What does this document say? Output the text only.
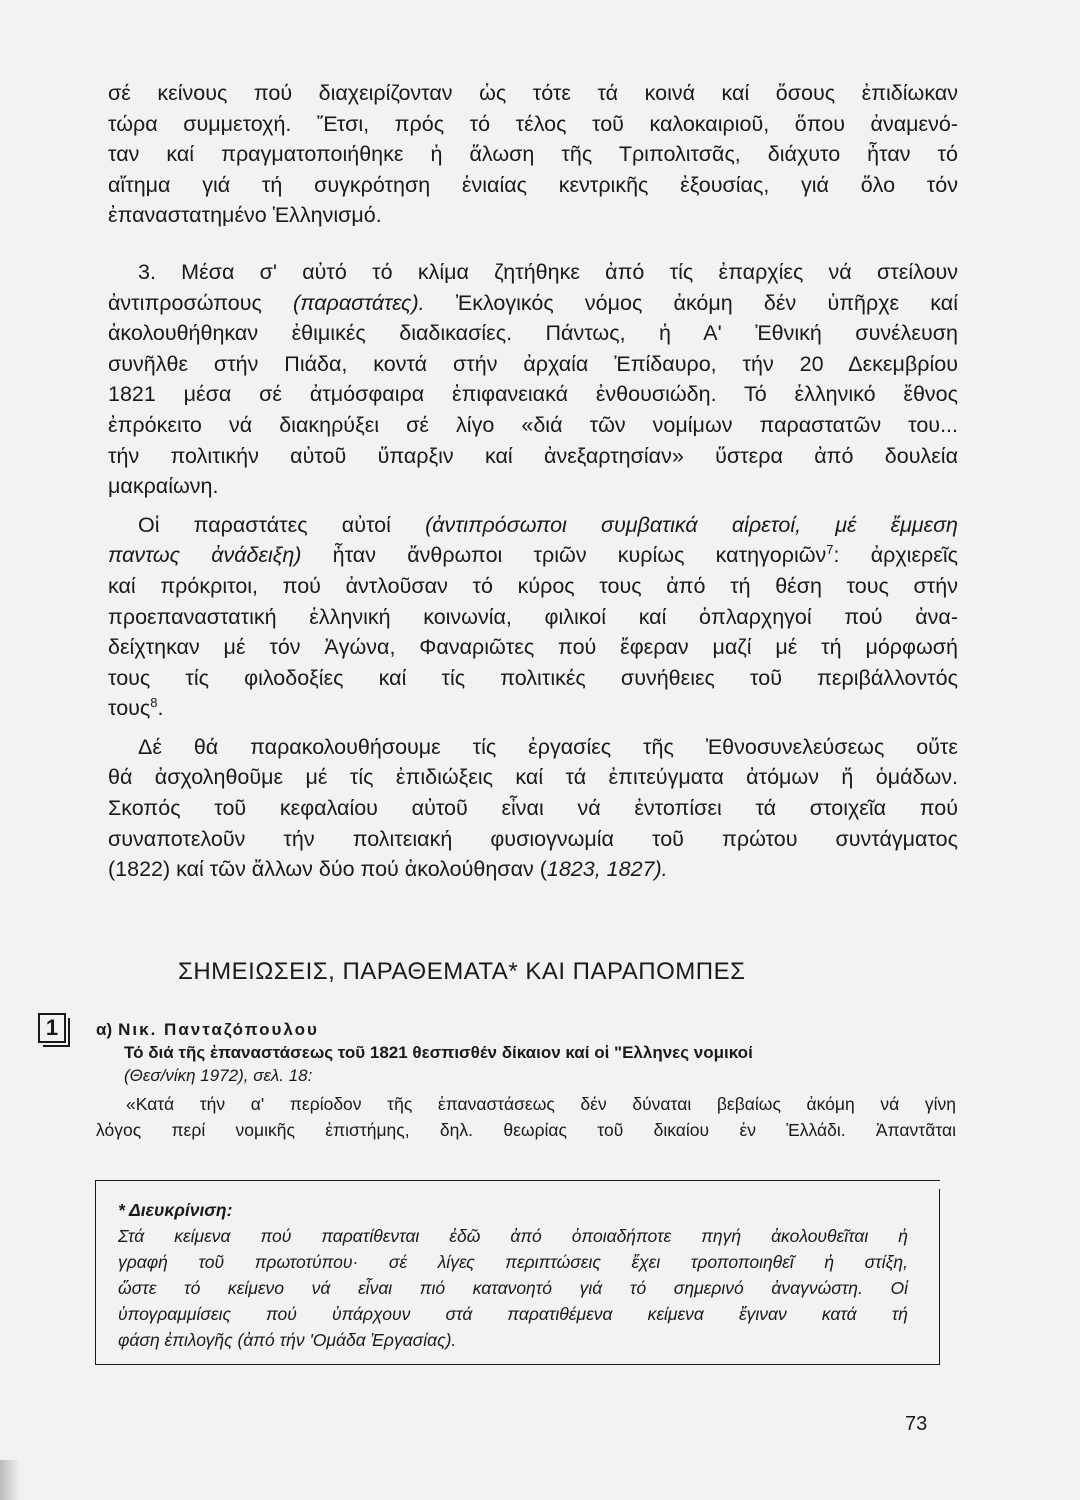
σέ κείνους πού διαχειρίζονταν ὡς τότε τά κοινά καί ὅσους ἐπιδίωκαν
τώρα συμμετοχή. Ἔτσι, πρός τό τέλος τοῦ καλοκαιριοῦ, ὅπου ἀναμενό-
ταν καί πραγματοποιήθηκε ἡ ἅλωση τῆς Τριπολιτσᾶς, διάχυτο ἦταν τό
αἴτημα γιά τή συγκρότηση ἑνιαίας κεντρικῆς ἐξουσίας, γιά ὅλο τόν
ἐπαναστατημένο Ἑλληνισμό.

3. Μέσα σ' αὐτό τό κλίμα ζητήθηκε ἀπό τίς ἐπαρχίες νά στείλουν
ἀντιπροσώπους (παραστάτες). Ἐκλογικός νόμος ἀκόμη δέν ὑπῆρχε καί
ἀκολουθήθηκαν ἐθιμικές διαδικασίες. Πάντως, ἡ Α' Ἐθνική συνέλευση
συνῆλθε στήν Πιάδα, κοντά στήν ἀρχαία Ἐπίδαυρο, τήν 20 Δεκεμβρίου
1821 μέσα σέ ἀτμόσφαιρα ἐπιφανειακά ἐνθουσιώδη. Τό ἑλληνικό ἔθνος
ἐπρόκειτο νά διακηρύξει σέ λίγο «διά τῶν νομίμων παραστατῶν του...
τήν πολιτικήν αὐτοῦ ὕπαρξιν καί ἀνεξαρτησίαν» ὕστερα ἀπό δουλεία
μακραίωνη.

Οἱ παραστάτες αὐτοί (ἀντιπρόσωποι συμβατικά αἱρετοί, μέ ἔμμεση
παντως ἀνάδειξη) ἦταν ἄνθρωποι τριῶν κυρίως κατηγοριῶν$^7$: ἀρχιερεῖς
καί πρόκριτοι, πού ἀντλοῦσαν τό κύρος τους ἀπό τή θέση τους στήν
προεπαναστατική ἑλληνική κοινωνία, φιλικοί καί ὁπλαρχηγοί πού ἀνα-
δείχτηκαν μέ τόν Ἀγώνα, Φαναριῶτες πού ἔφεραν μαζί μέ τή μόρφωσή
τους τίς φιλοδοξίες καί τίς πολιτικές συνήθειες τοῦ περιβάλλοντός
τους$^8$.

Δέ θά παρακολουθήσουμε τίς ἐργασίες τῆς Ἐθνοσυνελεύσεως οὔτε
θά ἀσχοληθοῦμε μέ τίς ἐπιδιώξεις καί τά ἐπιτεύγματα ἀτόμων ἤ ὁμάδων.
Σκοπός τοῦ κεφαλαίου αὐτοῦ εἶναι νά ἐντοπίσει τά στοιχεῖα πού
συναποτελοῦν τήν πολιτειακή φυσιογνωμία τοῦ πρώτου συντάγματος
(1822) καί τῶν ἄλλων δύο πού ἀκολούθησαν (1823, 1827).

ΣΗΜΕΙΩΣΕΙΣ, ΠΑΡΑΘΕΜΑΤΑ* ΚΑΙ ΠΑΡΑΠΟΜΠΕΣ
1	α) Νικ. Πανταζόπουλου
Τό διά τῆς ἐπαναστάσεως τοῦ 1821 θεσπισθέν δίκαιον καί οἱ "Ελληνες νομικοί
(Θεσ/νίκη 1972), σελ. 18:
«Κατά τήν α' περίοδον τῆς ἐπαναστάσεως δέν δύναται βεβαίως ἀκόμη νά γίνη
λόγος περί νομικῆς ἐπιστήμης, δηλ. θεωρίας τοῦ δικαίου ἐν Ἑλλάδι. Ἀπαντᾶται
* Διευκρίνιση:
Στά κείμενα πού παρατίθενται ἐδῶ ἀπό ὁποιαδήποτε πηγή ἀκολουθεῖται ἡ
γραφή τοῦ πρωτοτύπου· σέ λίγες περιπτώσεις ἔχει τροποποιηθεῖ ἡ στίξη,
ὥστε τό κείμενο νά εἶναι πιό κατανοητό γιά τό σημερινό ἀναγνώστη. Οἱ
ὑπογραμμίσεις πού ὑπάρχουν στά παρατιθέμενα κείμενα ἔγιναν κατά τή
φάση ἐπιλογῆς (ἀπό τήν 'Ομάδα Ἐργασίας).
73
